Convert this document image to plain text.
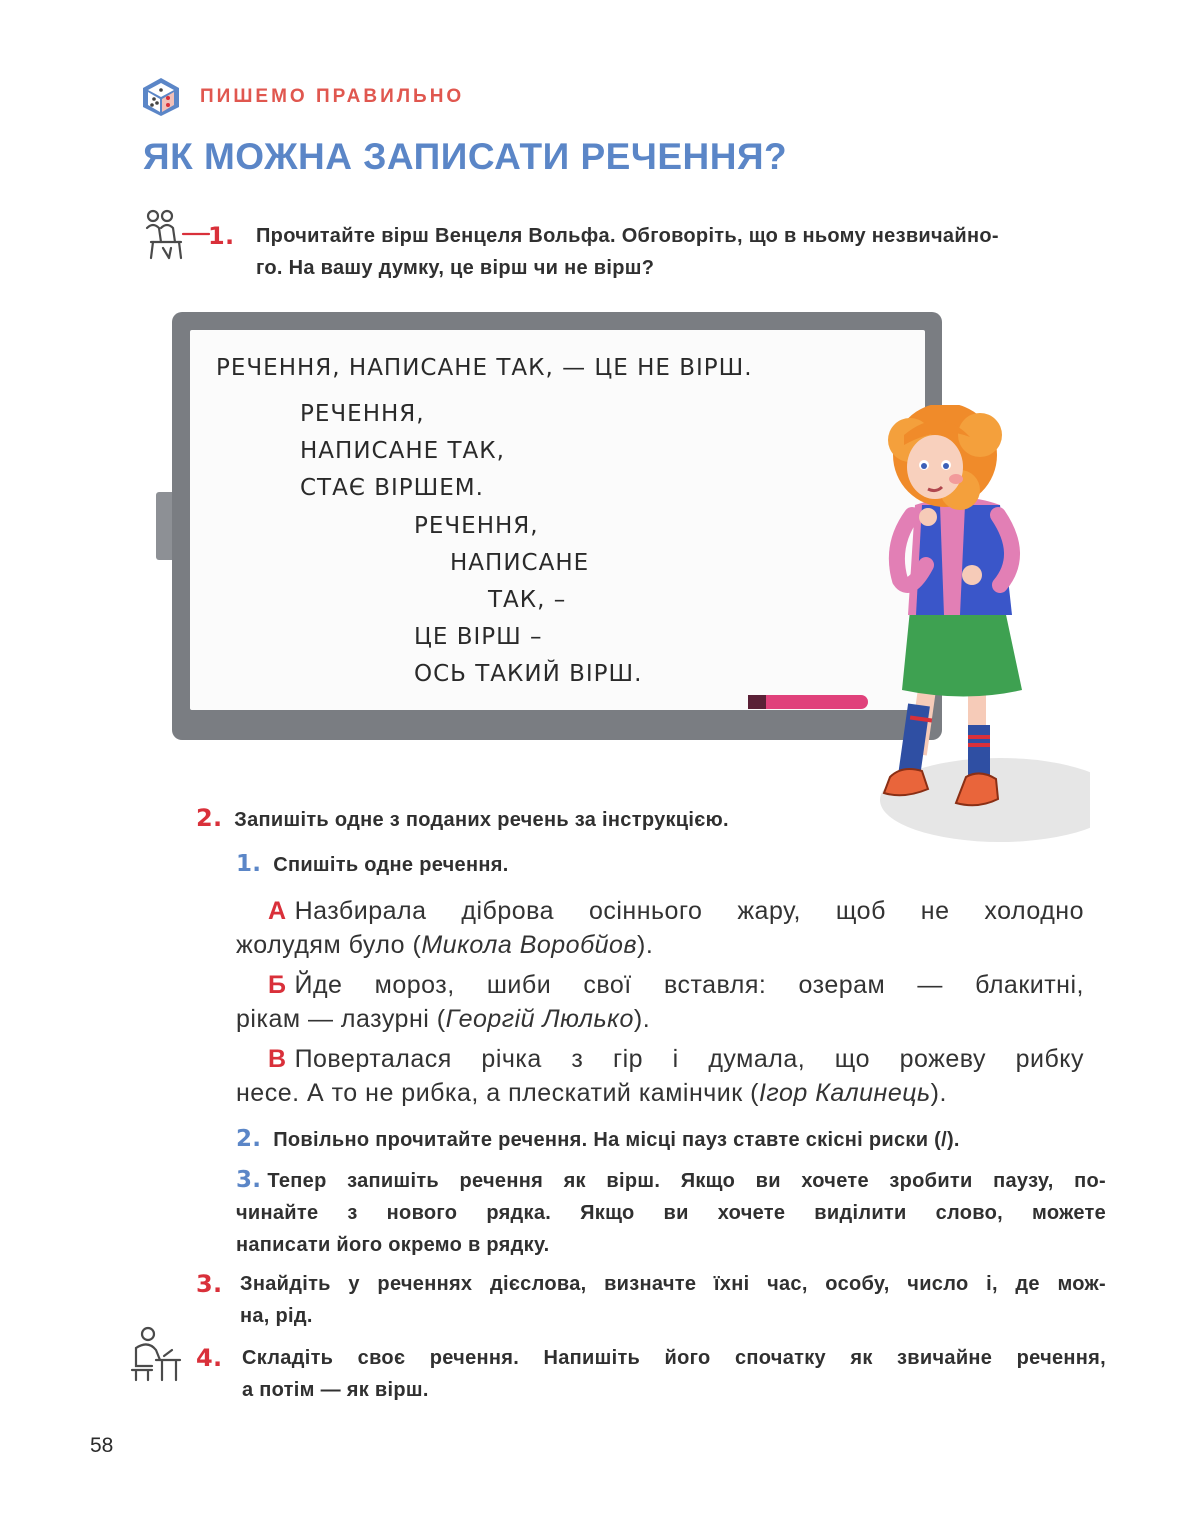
ПИШЕМО ПРАВИЛЬНО
ЯК МОЖНА ЗАПИСАТИ РЕЧЕННЯ?
1.	Прочитайте вірш Венцеля Вольфа. Обговоріть, що в ньому незвичайно-
го. На вашу думку, це вірш чи не вірш?
РЕЧЕННЯ, НАПИСАНЕ ТАК, — ЦЕ НЕ ВІРШ.
РЕЧЕННЯ,
НАПИСАНЕ ТАК,
СТАЄ ВІРШЕМ.
РЕЧЕННЯ,
НАПИСАНЕ
ТАК, –
ЦЕ ВІРШ –
ОСЬ ТАКИЙ ВІРШ.
2. Запишіть одне з поданих речень за інструкцією.
1. Спишіть одне речення.
А Назбирала діброва осіннього жару, щоб не холодно
жолудям було (Микола Воробйов).
Б Йде мороз, шиби свої вставля: озерам — блакитні,
рікам — лазурні (Георгій Люлько).
В Поверталася річка з гір і думала, що рожеву рибку
несе. А то не рибка, а плескатий камінчик (Ігор Калинець).
2. Повільно прочитайте речення. На місці пауз ставте скісні риски (/).
3. Тепер запишіть речення як вірш. Якщо ви хочете зробити паузу, по-
чинайте з нового рядка. Якщо ви хочете виділити слово, можете
написати його окремо в рядку.
3. Знайдіть у реченнях дієслова, визначте їхні час, особу, число і, де мож-
на, рід.
4. Складіть своє речення. Напишіть його спочатку як звичайне речення,
а потім — як вірш.
58
